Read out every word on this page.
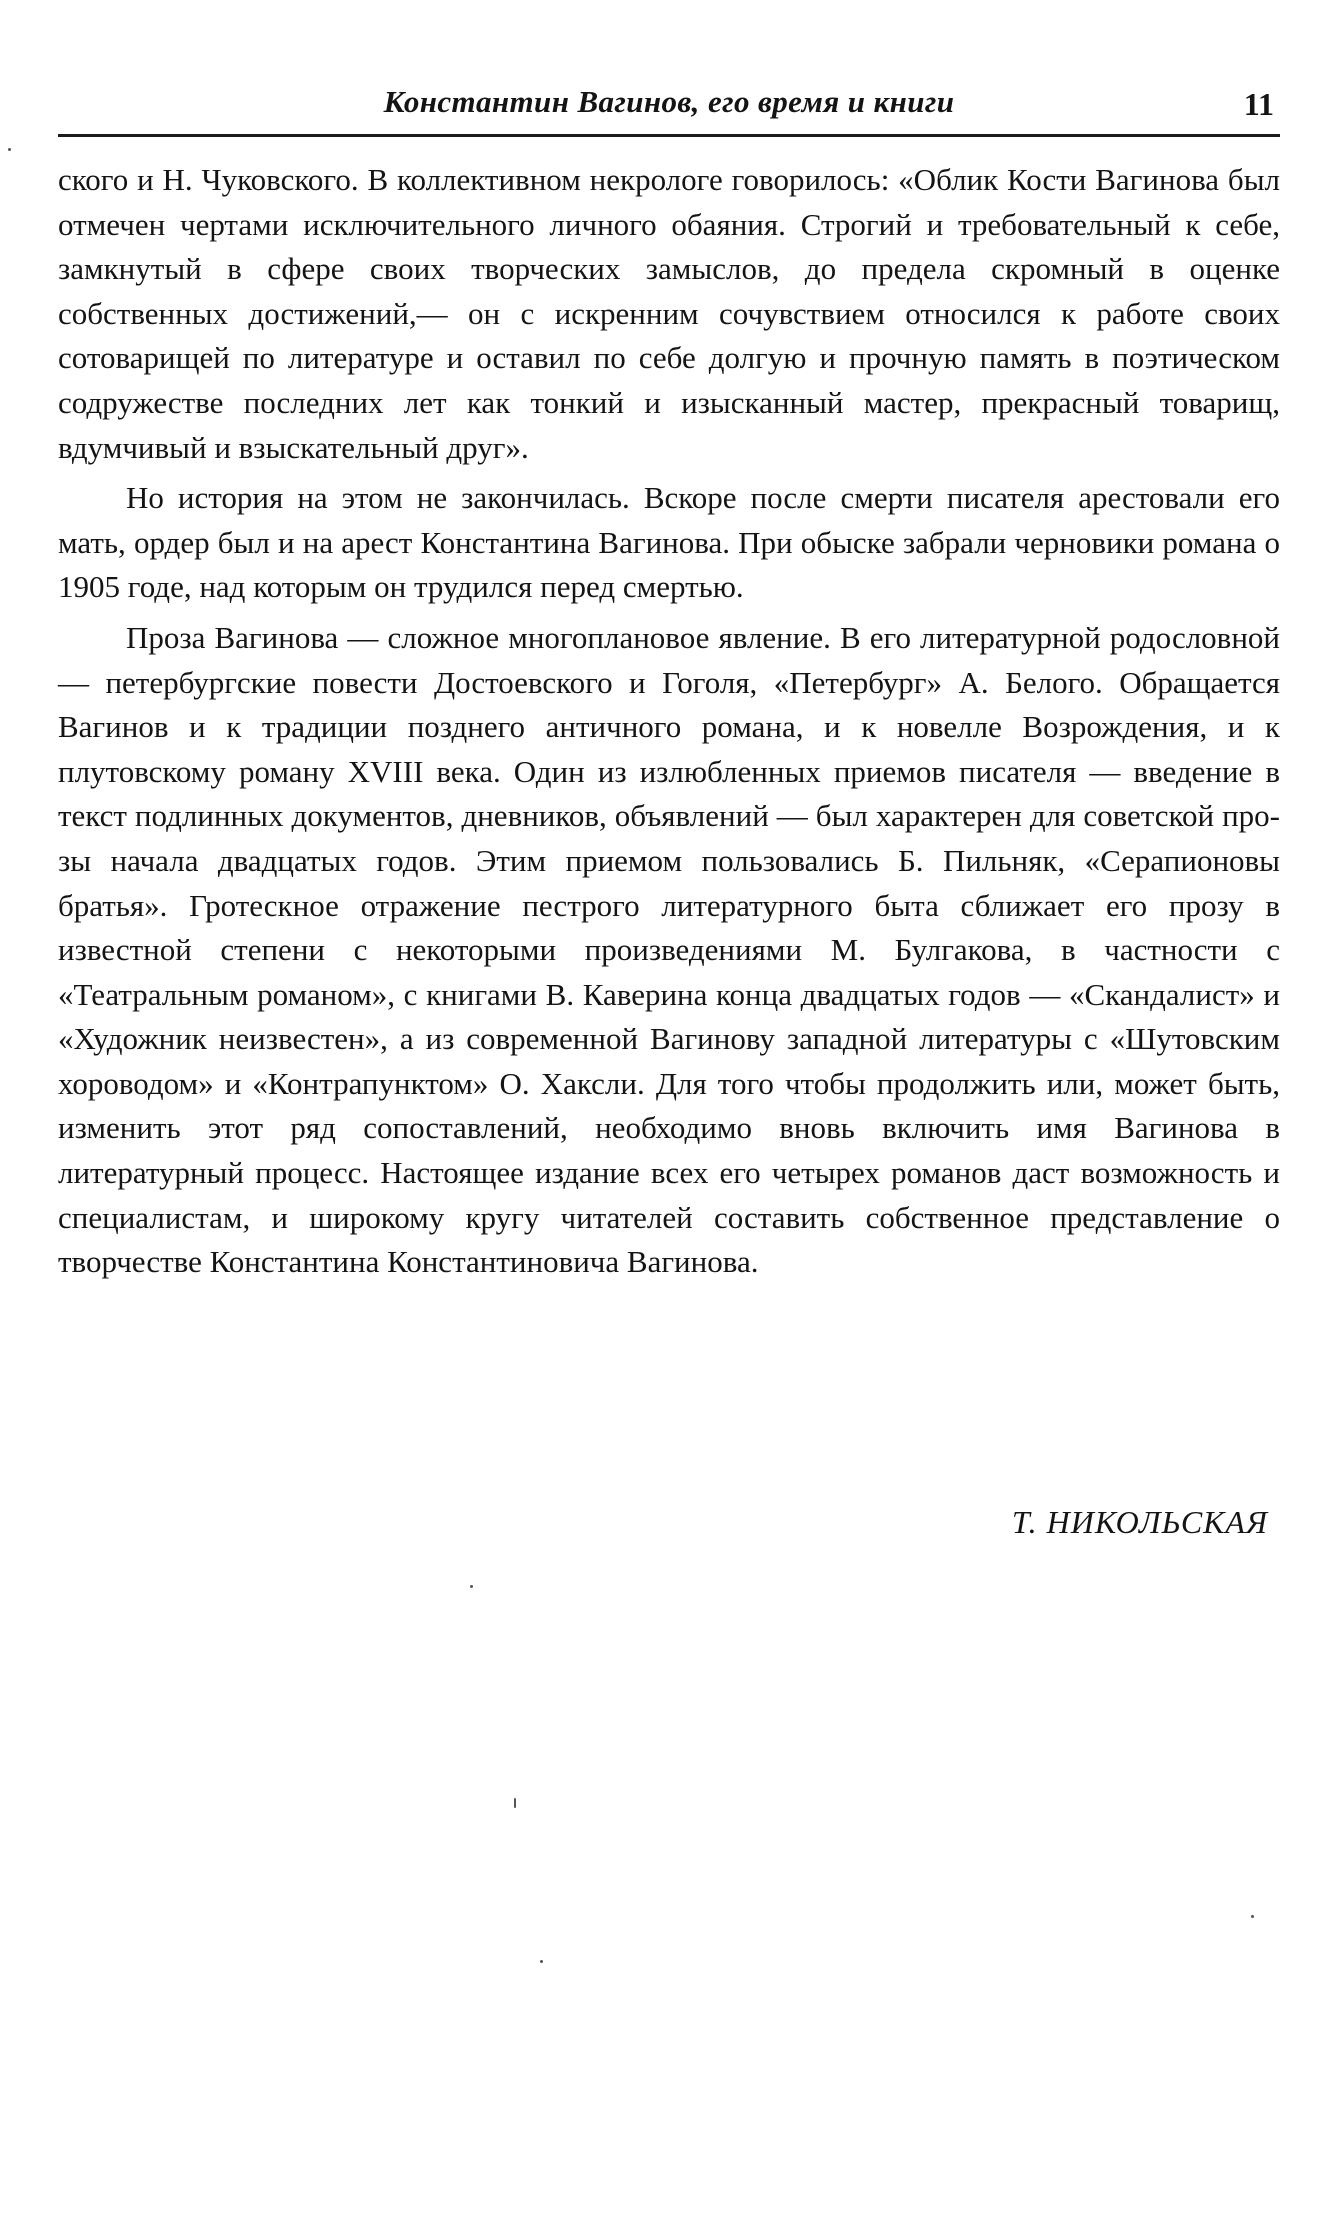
Константин Вагинов, его время и книги	11

ского и Н. Чуковского. В коллективном некрологе говорилось: «Облик Кости Вагинова был отмечен чертами исключительного личного обаяния. Строгий и требовательный к себе, замкнутый в сфере своих творческих замыслов, до предела скромный в оценке собственных достижений,— он с искренним сочувствием относился к работе своих сотоварищей по литературе и оставил по себе долгую и прочную память в поэтическом содружестве последних лет как тонкий и изысканный мастер, прекрасный товарищ, вдумчивый и взыскательный друг».

Но история на этом не закончилась. Вскоре после смерти писателя арестовали его мать, ордер был и на арест Константина Вагинова. При обыске забрали черновики романа о 1905 годе, над которым он трудился перед смертью.

Проза Вагинова — сложное многоплановое явление. В его литературной родословной — петербургские повести Достоевского и Гоголя, «Петербург» А. Белого. Обращается Вагинов и к традиции позднего античного романа, и к новелле Возрождения, и к плутовскому роману XVIII века. Один из излюбленных приемов писателя — введение в текст подлинных документов, дневников, объявлений — был характерен для советской прозы начала двадцатых годов. Этим приемом пользовались Б. Пильняк, «Серапионовы братья». Гротескное отражение пестрого литературного быта сближает его прозу в известной степени с некоторыми произведениями М. Булгакова, в частности с «Театральным романом», с книгами В. Каверина конца двадцатых годов — «Скандалист» и «Художник неизвестен», а из современной Вагинову западной литературы с «Шутовским хороводом» и «Контрапунктом» О. Хаксли. Для того чтобы продолжить или, может быть, изменить этот ряд сопоставлений, необходимо вновь включить имя Вагинова в литературный процесс. Настоящее издание всех его четырех романов даст возможность и специалистам, и широкому кругу читателей составить собственное представление о творчестве Константина Константиновича Вагинова.

Т. НИКОЛЬСКАЯ
